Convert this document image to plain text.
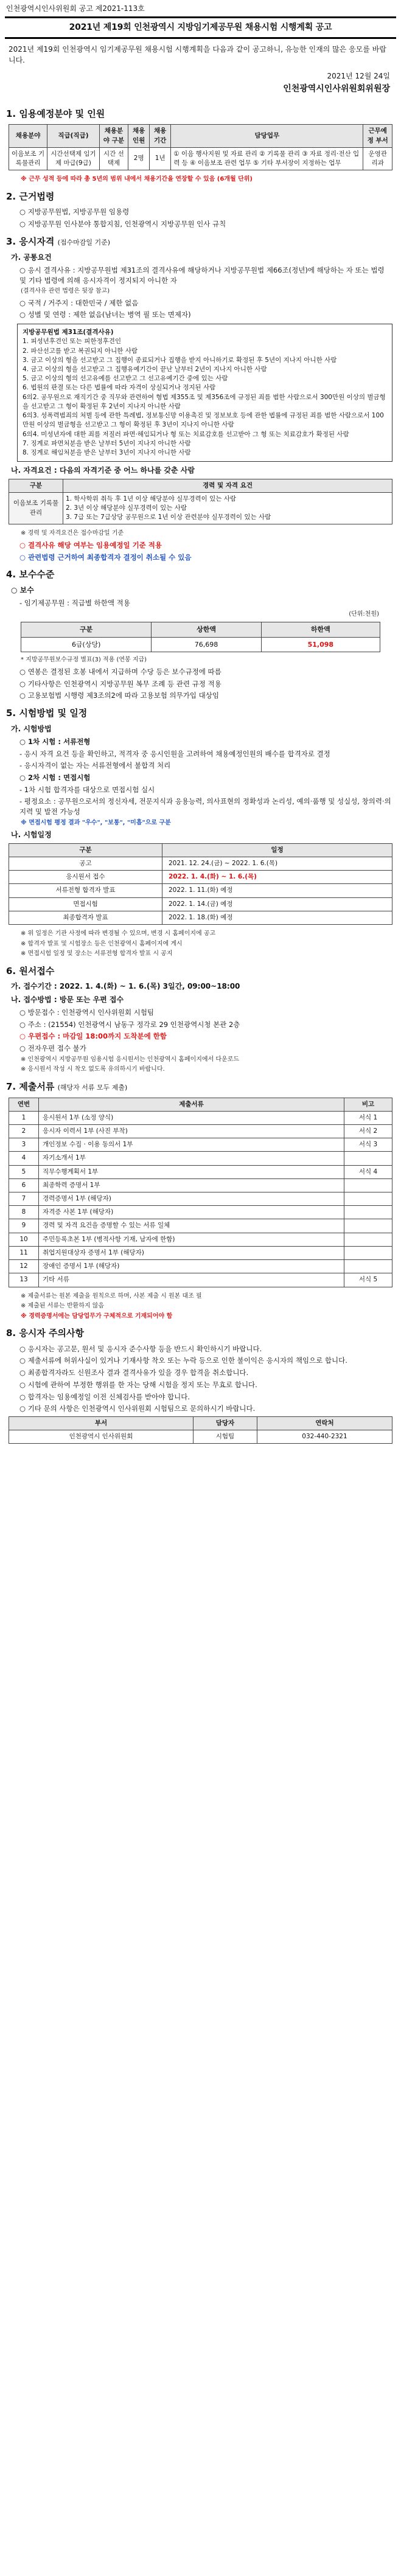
인천광역시인사위원회 공고 제2021-113호
2021년 제19회 인천광역시 지방임기제공무원 채용시험 시행계획 공고
2021년 제19회 인천광역시 임기제공무원 채용시험 시행계획을 다음과 같이 공고하니, 유능한 인재의 많은 응모를 바랍니다.
2021년 12월 24일
인천광역시인사위원회위원장
1. 임용예정분야 및 인원
채용분야	직급(직급)	채용분야 구분	채용인원	채용기간	담당업무	근무예정 부서
이음보조 기록물관리	시간선택제 임기제 마급(9급)	시간 선택제	2명	1년	① 이음 행사지원 및 자료 관리 ② 기록물 관리 ③ 자료 정리·전산 입력 등 ④ 이음보조 관련 업무 ⑤ 기타 부서장이 지정하는 업무	운영관리과
※ 근무 성적 등에 따라 총 5년의 범위 내에서 채용기간을 연장할 수 있음 (6개월 단위)
2. 근거법령
○ 지방공무원법, 지방공무원 임용령
○ 지방공무원 인사분야 통합지침, 인천광역시 지방공무원 인사 규칙
3. 응시자격 (접수마감일 기준)
가. 공통요건
○ 응시 결격사유 : 지방공무원법 제31조의 결격사유에 해당하거나 지방공무원법 제66조(정년)에 해당하는 자 또는 법령 및 기타 법령에 의해 응시자격이 정지되지 아니한 자
(결격사유 관련 법령은 뒷장 참고)
○ 국적 / 거주지 : 대한민국 / 제한 없음
○ 성별 및 연령 : 제한 없음(남녀는 병역 필 또는 면제자)
지방공무원법 제31조(결격사유)
1. 피성년후견인 또는 피한정후견인
2. 파산선고를 받고 복권되지 아니한 사람
3. 금고 이상의 형을 선고받고 그 집행이 종료되거나 집행을 받지 아니하기로 확정된 후 5년이 지나지 아니한 사람
4. 금고 이상의 형을 선고받고 그 집행유예기간이 끝난 날부터 2년이 지나지 아니한 사람
5. 금고 이상의 형의 선고유예를 선고받고 그 선고유예기간 중에 있는 사람
6. 법원의 판결 또는 다른 법률에 따라 자격이 상실되거나 정지된 사람
6의2. 공무원으로 재직기간 중 직무와 관련하여 형법 제355조 및 제356조에 규정된 죄를 범한 사람으로서 300만원 이상의 벌금형을 선고받고 그 형이 확정된 후 2년이 지나지 아니한 사람
6의3. 성폭력범죄의 처벌 등에 관한 특례법, 정보통신망 이용촉진 및 정보보호 등에 관한 법률에 규정된 죄를 범한 사람으로서 100만원 이상의 벌금형을 선고받고 그 형이 확정된 후 3년이 지나지 아니한 사람
6의4. 미성년자에 대한 죄를 저질러 파면·해임되거나 형 또는 치료감호를 선고받아 그 형 또는 치료감호가 확정된 사람
7. 징계로 파면처분을 받은 날부터 5년이 지나지 아니한 사람
8. 징계로 해임처분을 받은 날부터 3년이 지나지 아니한 사람
나. 자격요건 : 다음의 자격기준 중 어느 하나를 갖춘 사람
구분	경력 및 자격 요건
이음보조 기록물관리	1. 학사학위 취득 후 1년 이상 해당분야 실무경력이 있는 사람
2. 3년 이상 해당분야 실무경력이 있는 사람
3. 7급 또는 7급상당 공무원으로 1년 이상 관련분야 실무경력이 있는 사람
※ 경력 및 자격요건은 접수마감일 기준
○ 결격사유 해당 여부는 임용예정일 기준 적용
○ 관련법령 근거하여 최종합격자 결정이 취소될 수 있음
4. 보수수준
○ 보수
- 임기제공무원 : 직급별 하한액 적용
(단위:천원)
구분	상한액	하한액
6급(상당)	76,698	51,098
* 지방공무원보수규정 별표(3) 적용 (연봉 지급)
○ 연봉은 결정된 호봉 내에서 지급하며 수당 등은 보수규정에 따름
○ 기타사항은 인천광역시 지방공무원 복무 조례 등 관련 규정 적용
○ 고용보험법 시행령 제3조의2에 따라 고용보험 의무가입 대상임
5. 시험방법 및 일정
가. 시험방법
○ 1차 시험 : 서류전형
- 응시 자격 요건 등을 확인하고, 적격자 중 응시인원을 고려하여 채용예정인원의 배수를 합격자로 결정
- 응시자격이 없는 자는 서류전형에서 불합격 처리
○ 2차 시험 : 면접시험
- 1차 시험 합격자를 대상으로 면접시험 실시
- 평정요소 : 공무원으로서의 정신자세, 전문지식과 응용능력, 의사표현의 정확성과 논리성, 예의·품행 및 성실성, 창의력·의지력 및 발전 가능성
※ 면접시험 평정 결과 "우수", "보통", "미흡"으로 구분
나. 시험일정
구분	일정
공고	2021. 12. 24.(금) ~ 2022. 1. 6.(목)
응시원서 접수	2022. 1. 4.(화) ~ 1. 6.(목)
서류전형 합격자 발표	2022. 1. 11.(화) 예정
면접시험	2022. 1. 14.(금) 예정
최종합격자 발표	2022. 1. 18.(화) 예정
※ 위 일정은 기관 사정에 따라 변경될 수 있으며, 변경 시 홈페이지에 공고
※ 합격자 발표 및 시험장소 등은 인천광역시 홈페이지에 게시
※ 면접시험 일정 및 장소는 서류전형 합격자 발표 시 공지
6. 원서접수
가. 접수기간 : 2022. 1. 4.(화) ~ 1. 6.(목) 3일간, 09:00~18:00
나. 접수방법 : 방문 또는 우편 접수
○ 방문접수 : 인천광역시 인사위원회 시험팀
○ 주소 : (21554) 인천광역시 남동구 정각로 29 인천광역시청 본관 2층
○ 우편접수 : 마감일 18:00까지 도착분에 한함
○ 전자우편 접수 불가
※ 인천광역시 지방공무원 임용시험 응시원서는 인천광역시 홈페이지에서 다운로드
※ 응시원서 작성 시 착오 없도록 유의하시기 바랍니다.
7. 제출서류 (해당자 서류 모두 제출)
연번	제출서류	비고
1	응시원서 1부 (소정 양식)	서식 1
2	응시자 이력서 1부 (사진 부착)	서식 2
3	개인정보 수집 · 이용 동의서 1부	서식 3
4	자기소개서 1부	
5	직무수행계획서 1부	서식 4
6	최종학력 증명서 1부	
7	경력증명서 1부 (해당자)	
8	자격증 사본 1부 (해당자)	
9	경력 및 자격 요건을 증명할 수 있는 서류 일체	
10	주민등록초본 1부 (병적사항 기재, 남자에 한함)	
11	취업지원대상자 증명서 1부 (해당자)	
12	장애인 증명서 1부 (해당자)	
13	기타 서류	서식 5
※ 제출서류는 원본 제출을 원칙으로 하며, 사본 제출 시 원본 대조 필
※ 제출된 서류는 반환하지 않음
※ 경력증명서에는 담당업무가 구체적으로 기재되어야 함
8. 응시자 주의사항
○ 응시자는 공고문, 원서 및 응시자 준수사항 등을 반드시 확인하시기 바랍니다.
○ 제출서류에 허위사실이 있거나 기재사항 착오 또는 누락 등으로 인한 불이익은 응시자의 책임으로 합니다.
○ 최종합격자라도 신원조사 결과 결격사유가 있을 경우 합격을 취소합니다.
○ 시험에 관하여 부정한 행위를 한 자는 당해 시험을 정지 또는 무효로 합니다.
○ 합격자는 임용예정일 이전 신체검사를 받아야 합니다.
○ 기타 문의 사항은 인천광역시 인사위원회 시험팀으로 문의하시기 바랍니다.
부서	담당자	연락처
인천광역시 인사위원회	시험팀	032-440-2321
